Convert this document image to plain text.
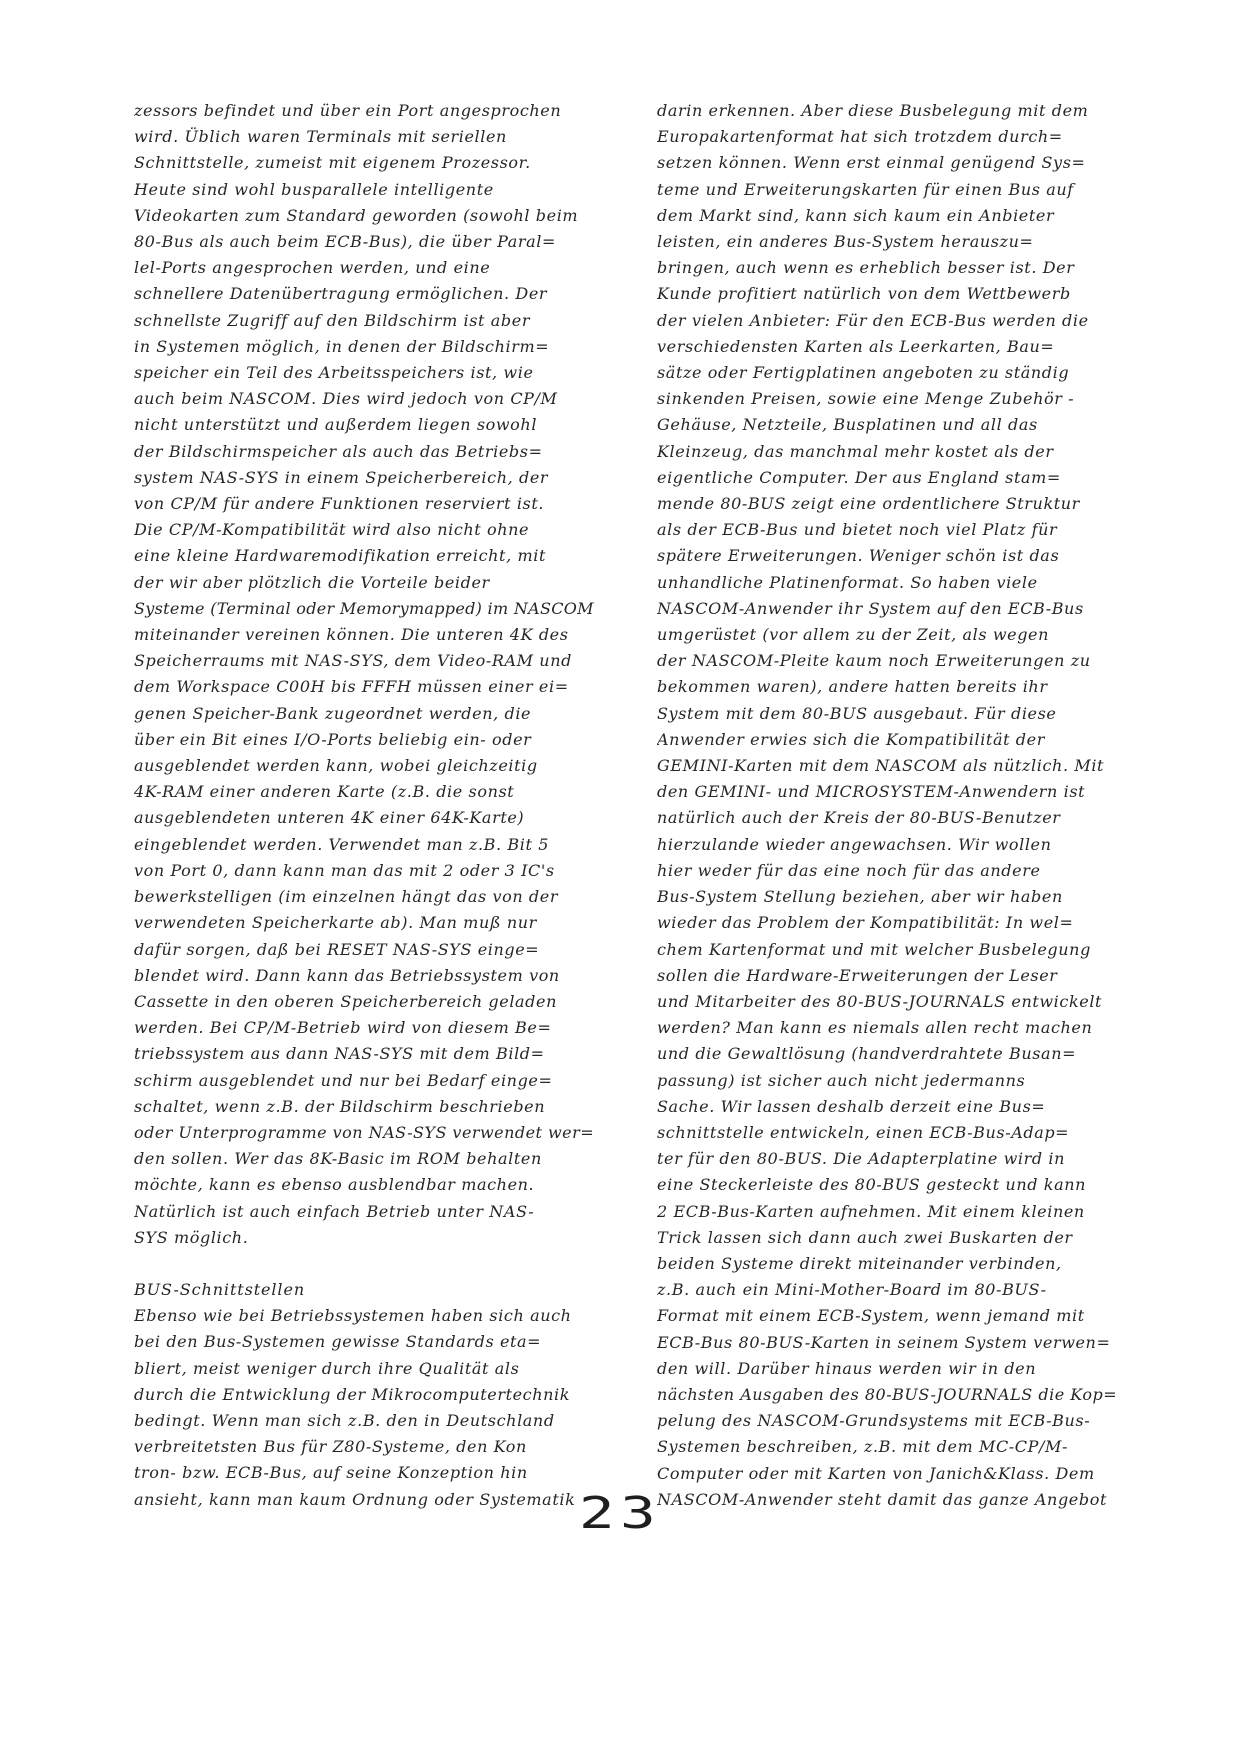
zessors befindet und über ein Port angesprochen
wird. Üblich waren Terminals mit seriellen
Schnittstelle, zumeist mit eigenem Prozessor.
Heute sind wohl busparallele intelligente
Videokarten zum Standard geworden (sowohl beim
80-Bus als auch beim ECB-Bus), die über Paral=
lel-Ports angesprochen werden, und eine
schnellere Datenübertragung ermöglichen. Der
schnellste Zugriff auf den Bildschirm ist aber
in Systemen möglich, in denen der Bildschirm=
speicher ein Teil des Arbeitsspeichers ist, wie
auch beim NASCOM. Dies wird jedoch von CP/M
nicht unterstützt und außerdem liegen sowohl
der Bildschirmspeicher als auch das Betriebs=
system NAS-SYS in einem Speicherbereich, der
von CP/M für andere Funktionen reserviert ist.
Die CP/M-Kompatibilität wird also nicht ohne
eine kleine Hardwaremodifikation erreicht, mit
der wir aber plötzlich die Vorteile beider
Systeme (Terminal oder Memorymapped) im NASCOM
miteinander vereinen können. Die unteren 4K des
Speicherraums mit NAS-SYS, dem Video-RAM und
dem Workspace C00H bis FFFH müssen einer ei=
genen Speicher-Bank zugeordnet werden, die
über ein Bit eines I/O-Ports beliebig ein- oder
ausgeblendet werden kann, wobei gleichzeitig
4K-RAM einer anderen Karte (z.B. die sonst
ausgeblendeten unteren 4K einer 64K-Karte)
eingeblendet werden. Verwendet man z.B. Bit 5
von Port 0, dann kann man das mit 2 oder 3 IC's
bewerkstelligen (im einzelnen hängt das von der
verwendeten Speicherkarte ab). Man muß nur
dafür sorgen, daß bei RESET NAS-SYS einge=
blendet wird. Dann kann das Betriebssystem von
Cassette in den oberen Speicherbereich geladen
werden. Bei CP/M-Betrieb wird von diesem Be=
triebssystem aus dann NAS-SYS mit dem Bild=
schirm ausgeblendet und nur bei Bedarf einge=
schaltet, wenn z.B. der Bildschirm beschrieben
oder Unterprogramme von NAS-SYS verwendet wer=
den sollen. Wer das 8K-Basic im ROM behalten
möchte, kann es ebenso ausblendbar machen.
Natürlich ist auch einfach Betrieb unter NAS-
SYS möglich.
BUS-Schnittstellen
Ebenso wie bei Betriebssystemen haben sich auch
bei den Bus-Systemen gewisse Standards eta=
bliert, meist weniger durch ihre Qualität als
durch die Entwicklung der Mikrocomputertechnik
bedingt. Wenn man sich z.B. den in Deutschland
verbreitetsten Bus für Z80-Systeme, den Kon
tron- bzw. ECB-Bus, auf seine Konzeption hin
ansieht, kann man kaum Ordnung oder Systematik
darin erkennen. Aber diese Busbelegung mit dem
Europakartenformat hat sich trotzdem durch=
setzen können. Wenn erst einmal genügend Sys=
teme und Erweiterungskarten für einen Bus auf
dem Markt sind, kann sich kaum ein Anbieter
leisten, ein anderes Bus-System herauszu=
bringen, auch wenn es erheblich besser ist. Der
Kunde profitiert natürlich von dem Wettbewerb
der vielen Anbieter: Für den ECB-Bus werden die
verschiedensten Karten als Leerkarten, Bau=
sätze oder Fertigplatinen angeboten zu ständig
sinkenden Preisen, sowie eine Menge Zubehör -
Gehäuse, Netzteile, Busplatinen und all das
Kleinzeug, das manchmal mehr kostet als der
eigentliche Computer. Der aus England stam=
mende 80-BUS zeigt eine ordentlichere Struktur
als der ECB-Bus und bietet noch viel Platz für
spätere Erweiterungen. Weniger schön ist das
unhandliche Platinenformat. So haben viele
NASCOM-Anwender ihr System auf den ECB-Bus
umgerüstet (vor allem zu der Zeit, als wegen
der NASCOM-Pleite kaum noch Erweiterungen zu
bekommen waren), andere hatten bereits ihr
System mit dem 80-BUS ausgebaut. Für diese
Anwender erwies sich die Kompatibilität der
GEMINI-Karten mit dem NASCOM als nützlich. Mit
den GEMINI- und MICROSYSTEM-Anwendern ist
natürlich auch der Kreis der 80-BUS-Benutzer
hierzulande wieder angewachsen. Wir wollen
hier weder für das eine noch für das andere
Bus-System Stellung beziehen, aber wir haben
wieder das Problem der Kompatibilität: In wel=
chem Kartenformat und mit welcher Busbelegung
sollen die Hardware-Erweiterungen der Leser
und Mitarbeiter des 80-BUS-JOURNALS entwickelt
werden? Man kann es niemals allen recht machen
und die Gewaltlösung (handverdrahtete Busan=
passung) ist sicher auch nicht jedermanns
Sache. Wir lassen deshalb derzeit eine Bus=
schnittstelle entwickeln, einen ECB-Bus-Adap=
ter für den 80-BUS. Die Adapterplatine wird in
eine Steckerleiste des 80-BUS gesteckt und kann
2 ECB-Bus-Karten aufnehmen. Mit einem kleinen
Trick lassen sich dann auch zwei Buskarten der
beiden Systeme direkt miteinander verbinden,
z.B. auch ein Mini-Mother-Board im 80-BUS-
Format mit einem ECB-System, wenn jemand mit
ECB-Bus 80-BUS-Karten in seinem System verwen=
den will. Darüber hinaus werden wir in den
nächsten Ausgaben des 80-BUS-JOURNALS die Kop=
pelung des NASCOM-Grundsystems mit ECB-Bus-
Systemen beschreiben, z.B. mit dem MC-CP/M-
Computer oder mit Karten von Janich&Klass. Dem
NASCOM-Anwender steht damit das ganze Angebot
23
